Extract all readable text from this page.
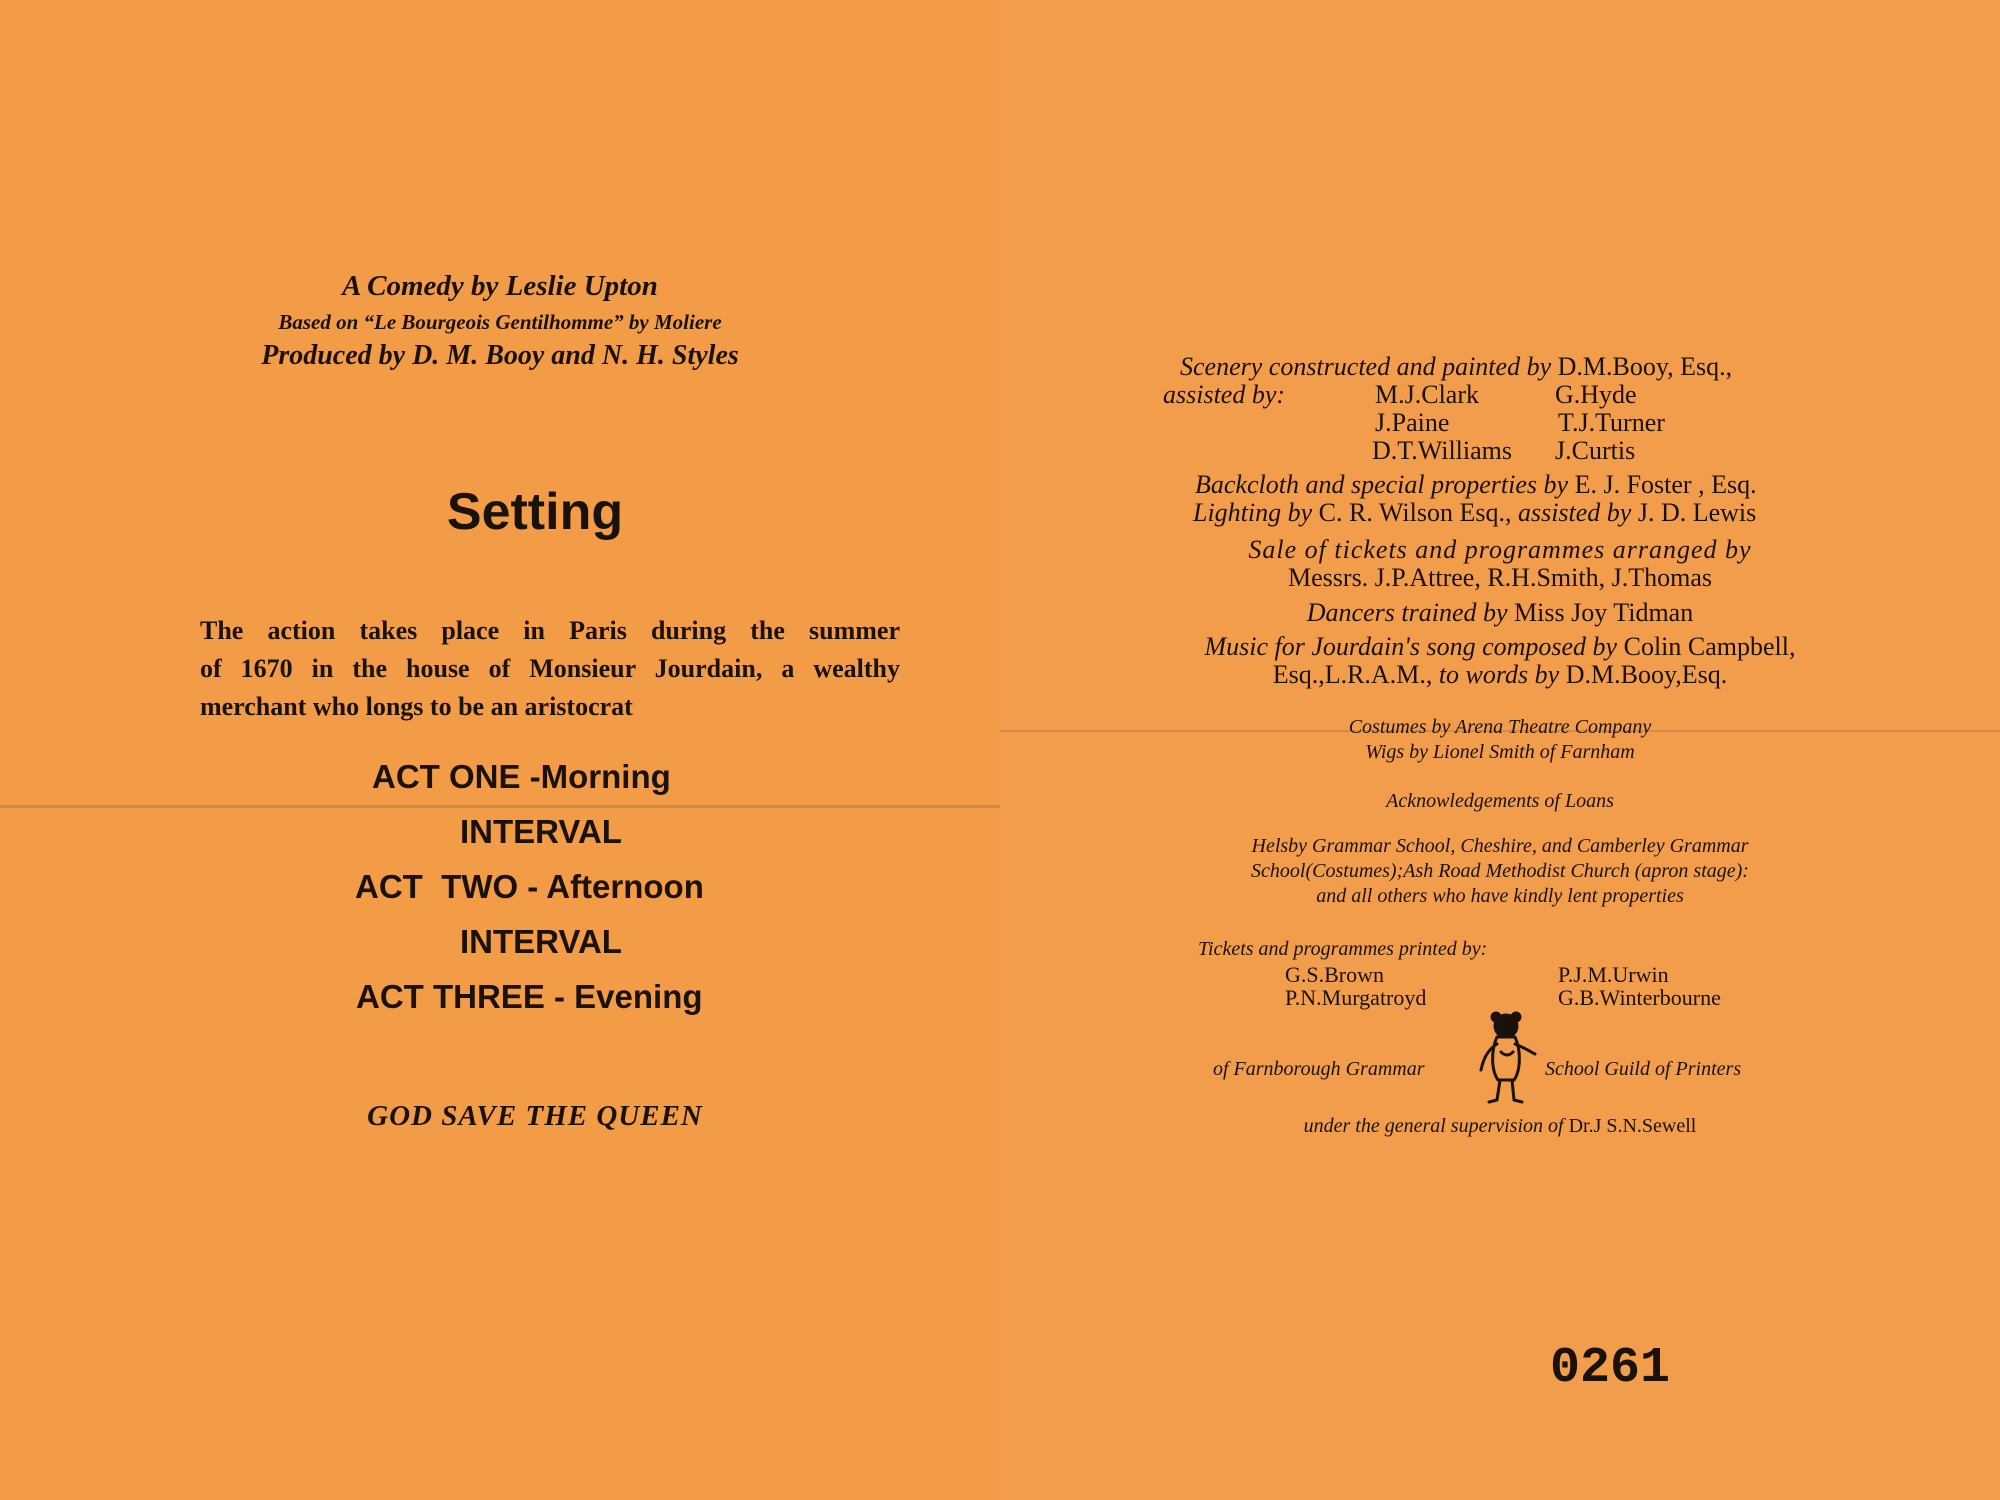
A Comedy by Leslie Upton
Based on “Le Bourgeois Gentilhomme” by Moliere
Produced by D. M. Booy and N. H. Styles
Setting

The action takes place in Paris during the summer

of 1670 in the house of Monsieur Jourdain, a wealthy

merchant who longs to be an aristocrat

ACT ONE -Morning
INTERVAL
ACT  TWO - Afternoon
INTERVAL
ACT THREE - Evening
GOD SAVE THE QUEEN
Scenery constructed and painted by D.M.Booy, Esq.,
assisted by:	M.J.Clark	G.Hyde
J.Paine	T.J.Turner
D.T.Williams J.Curtis
Backcloth and special properties by E. J. Foster , Esq.
Lighting by C. R. Wilson Esq., assisted by J. D. Lewis
Sale of tickets and programmes arranged by
Messrs. J.P.Attree, R.H.Smith, J.Thomas
Dancers trained by Miss Joy Tidman
Music for Jourdain's song composed by Colin Campbell,
Esq.,L.R.A.M., to words by D.M.Booy,Esq.
Costumes by Arena Theatre Company
Wigs by Lionel Smith of Farnham
Acknowledgements of Loans
Helsby Grammar School, Cheshire, and Camberley Grammar
School(Costumes);Ash Road Methodist Church (apron stage):
and all others who have kindly lent properties
Tickets and programmes printed by:
G.S.Brown	P.J.M.Urwin
P.N.Murgatroyd	G.B.Winterbourne
of Farnborough Grammar	School Guild of Printers
under the general supervision of Dr.J S.N.Sewell
0261
